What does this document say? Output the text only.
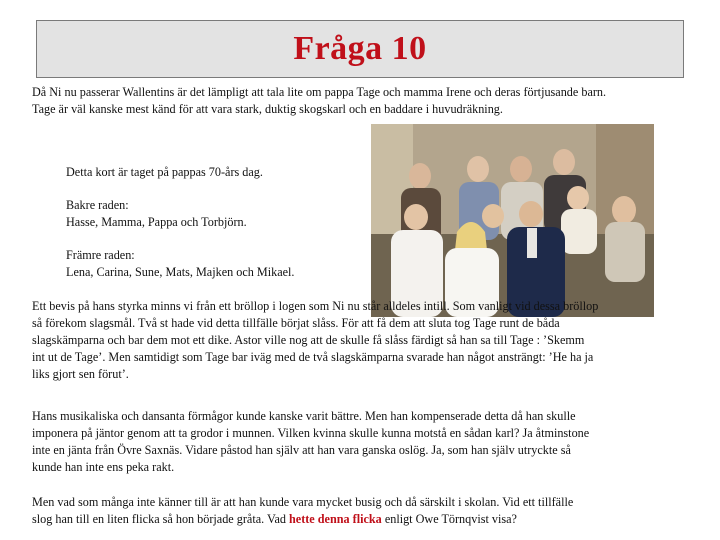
Fråga 10
Då Ni nu passerar Wallentins är det lämpligt att tala lite om pappa Tage och mamma Irene och deras förtjusande barn.
Tage är väl kanske mest känd för att vara stark, duktig skogskarl och en baddare i huvudräkning.
Detta kort är taget på pappas 70-års dag.
Bakre raden:
Hasse, Mamma, Pappa och Torbjörn.
Främre raden:
Lena, Carina, Sune, Mats, Majken och Mikael.
Ett bevis på hans styrka minns vi från ett bröllop i logen som Ni nu står alldeles intill. Som vanligt vid dessa bröllop
så förekom slagsmål. Två st hade vid detta tillfälle börjat slåss. För att få dem att sluta tog Tage runt de båda
slagskämparna och bar dem mot ett dike. Astor ville nog att de skulle få slåss färdigt så han sa till Tage : ’Skemm
int ut de Tage’. Men samtidigt som Tage bar iväg med de två slagskämparna svarade han något ansträngt: ’He ha ja
liks gjort sen förut’.
Hans musikaliska och dansanta förmågor kunde kanske varit bättre. Men han kompenserade detta då han skulle
imponera på jäntor genom att ta grodor i munnen. Vilken kvinna skulle kunna motstå en sådan karl? Ja åtminstone
inte en jänta från Övre Saxnäs. Vidare påstod han själv att han vara ganska oslög. Ja, som han själv utryckte så
kunde han inte ens peka rakt.
Men vad som många inte känner till är att han kunde vara mycket busig och då särskilt i skolan. Vid ett tillfälle
slog han till en liten flicka så hon började gråta. Vad hette denna flicka enligt Owe Törnqvist visa?
